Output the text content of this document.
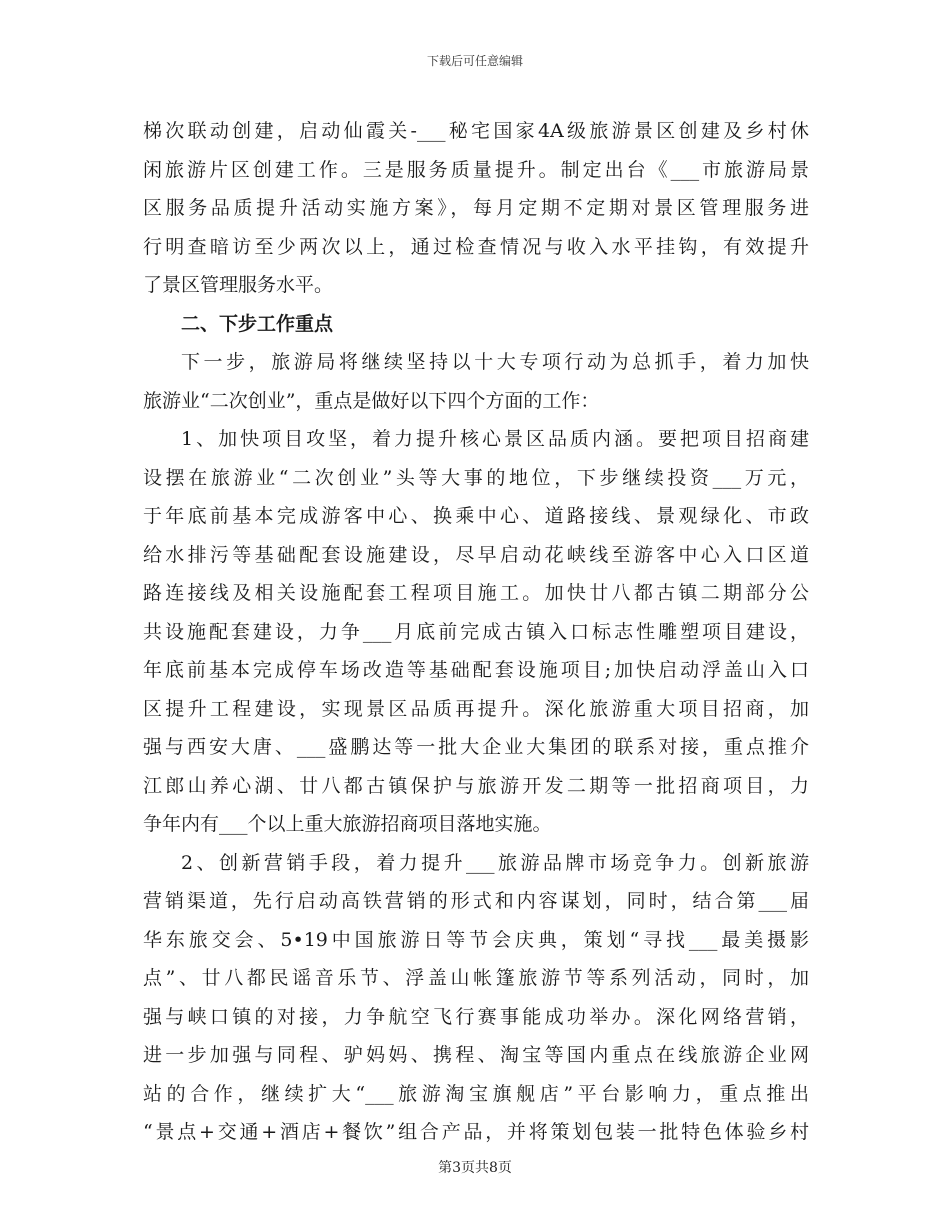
下载后可任意编辑
梯次联动创建，启动仙霞关-___秘宅国家4A级旅游景区创建及乡村休
闲旅游片区创建工作。三是服务质量提升。制定出台《___市旅游局景
区服务品质提升活动实施方案》，每月定期不定期对景区管理服务进
行明查暗访至少两次以上，通过检查情况与收入水平挂钩，有效提升
了景区管理服务水平。
二、下步工作重点
下一步，旅游局将继续坚持以十大专项行动为总抓手，着力加快
旅游业“二次创业”，重点是做好以下四个方面的工作：
1、加快项目攻坚，着力提升核心景区品质内涵。要把项目招商建
设摆在旅游业“二次创业”头等大事的地位，下步继续投资___万元，
于年底前基本完成游客中心、换乘中心、道路接线、景观绿化、市政
给水排污等基础配套设施建设，尽早启动花峡线至游客中心入口区道
路连接线及相关设施配套工程项目施工。加快廿八都古镇二期部分公
共设施配套建设，力争___月底前完成古镇入口标志性雕塑项目建设，
年底前基本完成停车场改造等基础配套设施项目;加快启动浮盖山入口
区提升工程建设，实现景区品质再提升。深化旅游重大项目招商，加
强与西安大唐、___盛鹏达等一批大企业大集团的联系对接，重点推介
江郎山养心湖、廿八都古镇保护与旅游开发二期等一批招商项目，力
争年内有___个以上重大旅游招商项目落地实施。
2、创新营销手段，着力提升___旅游品牌市场竞争力。创新旅游
营销渠道，先行启动高铁营销的形式和内容谋划，同时，结合第___届
华东旅交会、5•19中国旅游日等节会庆典，策划“寻找___最美摄影
点”、廿八都民谣音乐节、浮盖山帐篷旅游节等系列活动，同时，加
强与峡口镇的对接，力争航空飞行赛事能成功举办。深化网络营销，
进一步加强与同程、驴妈妈、携程、淘宝等国内重点在线旅游企业网
站的合作，继续扩大“___旅游淘宝旗舰店”平台影响力，重点推出
“景点+交通+酒店+餐饮”组合产品，并将策划包装一批特色体验乡村
第3页共8页
